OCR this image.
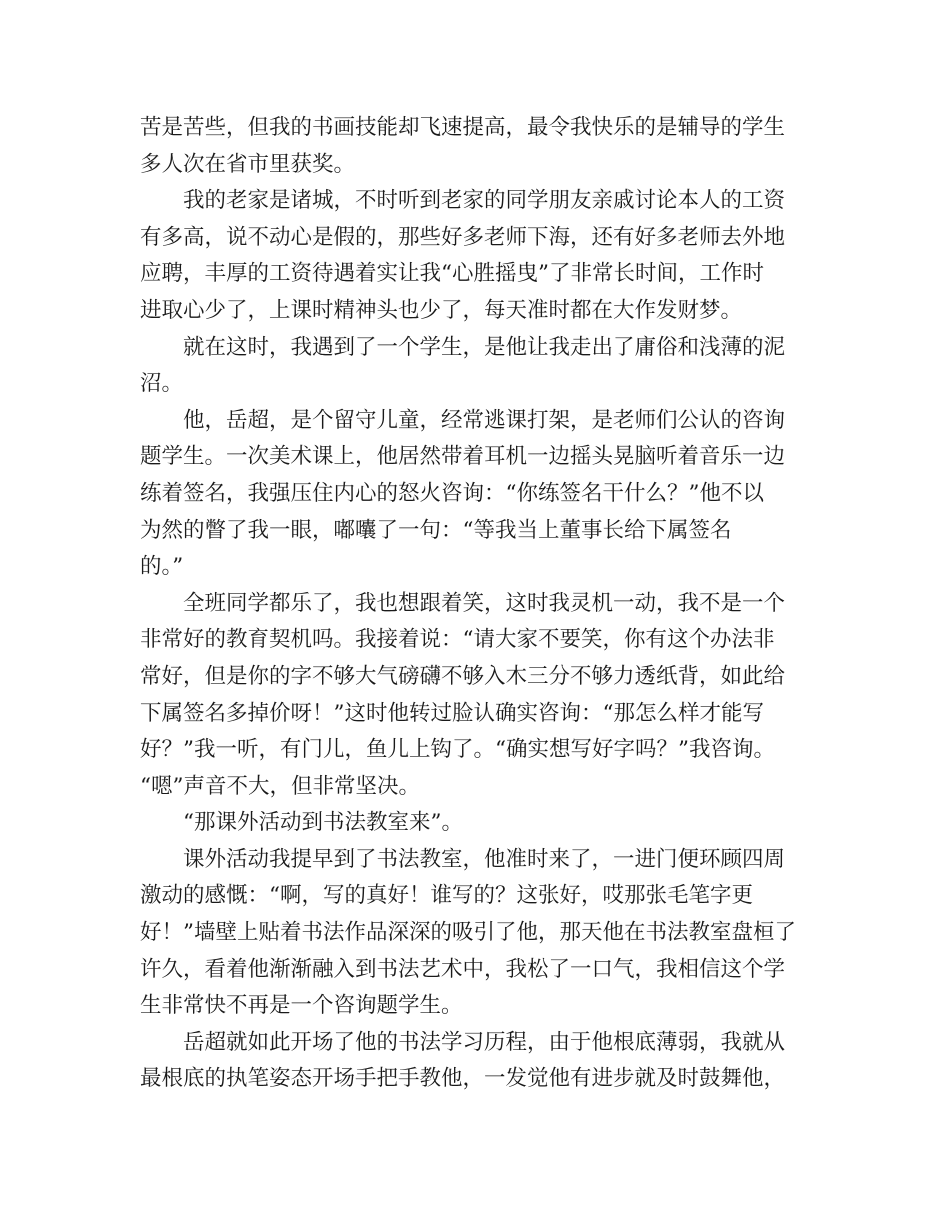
苦是苦些，但我的书画技能却飞速提高，最令我快乐的是辅导的学生
多人次在省市里获奖。

　　我的老家是诸城，不时听到老家的同学朋友亲戚讨论本人的工资
有多高，说不动心是假的，那些好多老师下海，还有好多老师去外地
应聘，丰厚的工资待遇着实让我“心胜摇曳”了非常长时间，工作时
进取心少了，上课时精神头也少了，每天准时都在大作发财梦。

　　就在这时，我遇到了一个学生，是他让我走出了庸俗和浅薄的泥
沼。

　　他，岳超，是个留守儿童，经常逃课打架，是老师们公认的咨询
题学生。一次美术课上，他居然带着耳机一边摇头晃脑听着音乐一边
练着签名，我强压住内心的怒火咨询：“你练签名干什么？”他不以
为然的瞥了我一眼，嘟囔了一句：“等我当上董事长给下属签名
的。”

　　全班同学都乐了，我也想跟着笑，这时我灵机一动，我不是一个
非常好的教育契机吗。我接着说：“请大家不要笑，你有这个办法非
常好，但是你的字不够大气磅礴不够入木三分不够力透纸背，如此给
下属签名多掉价呀！”这时他转过脸认确实咨询：“那怎么样才能写
好？”我一听，有门儿，鱼儿上钩了。“确实想写好字吗？”我咨询。
“嗯”声音不大，但非常坚决。

　　“那课外活动到书法教室来”。

　　课外活动我提早到了书法教室，他准时来了，一进门便环顾四周
激动的感慨：“啊，写的真好！谁写的？这张好，哎那张毛笔字更
好！”墙壁上贴着书法作品深深的吸引了他，那天他在书法教室盘桓了
许久，看着他渐渐融入到书法艺术中，我松了一口气，我相信这个学
生非常快不再是一个咨询题学生。

　　岳超就如此开场了他的书法学习历程，由于他根底薄弱，我就从
最根底的执笔姿态开场手把手教他，一发觉他有进步就及时鼓舞他，
